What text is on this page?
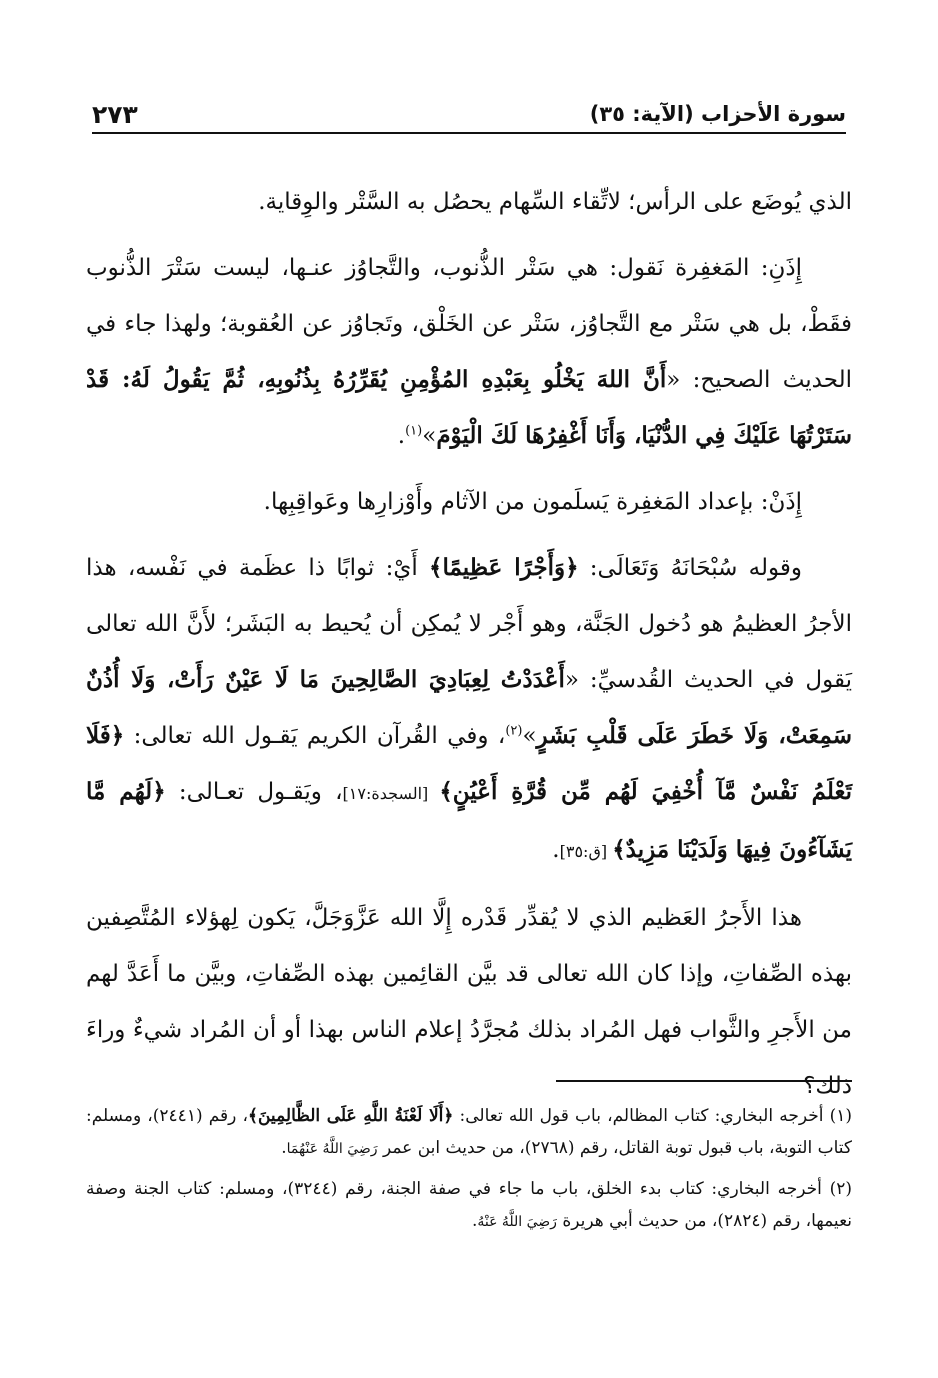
سورة الأحزاب (الآية: ٣٥)
٢٧٣

الذي يُوضَع على الرأس؛ لاتِّقاء السِّهام يحصُل به السَّتْر والوِقاية.

إِذَنِ: المَغفِرة نَقول: هي سَتْر الذُّنوب، والتَّجاوُز عنـها، ليست سَتْرَ الذُّنوب فقَطْ، بل هي سَتْر مع التَّجاوُز، سَتْر عن الخَلْق، وتَجاوُز عن العُقوبة؛ ولهذا جاء في الحديث الصحيح: «أَنَّ اللهَ يَخْلُو بِعَبْدِهِ المُؤْمِنِ يُقَرِّرُهُ بِذُنُوبِهِ، ثُمَّ يَقُولُ لَهُ: قَدْ سَتَرْتُهَا عَلَيْكَ فِي الدُّنْيَا، وَأَنَا أَغْفِرُهَا لَكَ الْيَوْمَ»$^{(١)}$.

إِذَنْ: بإعداد المَغفِرة يَسلَمون من الآثام وأَوْزارِها وعَواقِبِها.

وقوله سُبْحَانَهُ وَتَعَالَى: ﴿وَأَجْرًا عَظِيمًا﴾ أَيْ: ثوابًا ذا عظَمة في نَفْسه، هذا الأجرُ العظيمُ هو دُخول الجَنَّة، وهو أَجْر لا يُمكِن أن يُحيط به البَشَر؛ لأَنَّ الله تعالى يَقول في الحديث القُدسيِّ: «أَعْدَدْتُ لِعِبَادِيَ الصَّالِحِينَ مَا لَا عَيْنٌ رَأَتْ، وَلَا أُذُنٌ سَمِعَتْ، وَلَا خَطَرَ عَلَى قَلْبِ بَشَرٍ»$^{(٢)}$، وفي القُرآن الكريم يَقـول الله تعالى: ﴿فَلَا تَعْلَمُ نَفْسٌ مَّآ أُخْفِيَ لَهُم مِّن قُرَّةِ أَعْيُنٍ﴾ [السجدة:١٧]، ويَقـول تعـالى: ﴿لَهُم مَّا يَشَآءُونَ فِيهَا وَلَدَيْنَا مَزِيدٌ﴾ [ق:٣٥].

هذا الأَجرُ العَظيم الذي لا يُقدِّر قَدْره إِلَّا الله عَزَّوَجَلَّ، يَكون لِهؤلاء المُتَّصِفين بهذه الصِّفاتِ، وإذا كان الله تعالى قد بيَّن القائِمين بهذه الصِّفاتِ، وبيَّن ما أَعَدَّ لهم من الأَجرِ والثَّواب فهل المُراد بذلك مُجرَّدُ إعلام الناس بهذا أو أن المُراد شيءٌ وراءَ ذلك؟

(١) أخرجه البخاري: كتاب المظالم، باب قول الله تعالى: ﴿أَلَا لَعْنَةُ اللَّهِ عَلَى الظَّالِمِينَ﴾، رقم (٢٤٤١)، ومسلم: كتاب التوبة، باب قبول توبة القاتل، رقم (٢٧٦٨)، من حديث ابن عمر رَضِيَ اللَّهُ عَنْهُمَا.

(٢) أخرجه البخاري: كتاب بدء الخلق، باب ما جاء في صفة الجنة، رقم (٣٢٤٤)، ومسلم: كتاب الجنة وصفة نعيمها، رقم (٢٨٢٤)، من حديث أبي هريرة رَضِيَ اللَّهُ عَنْهُ.
